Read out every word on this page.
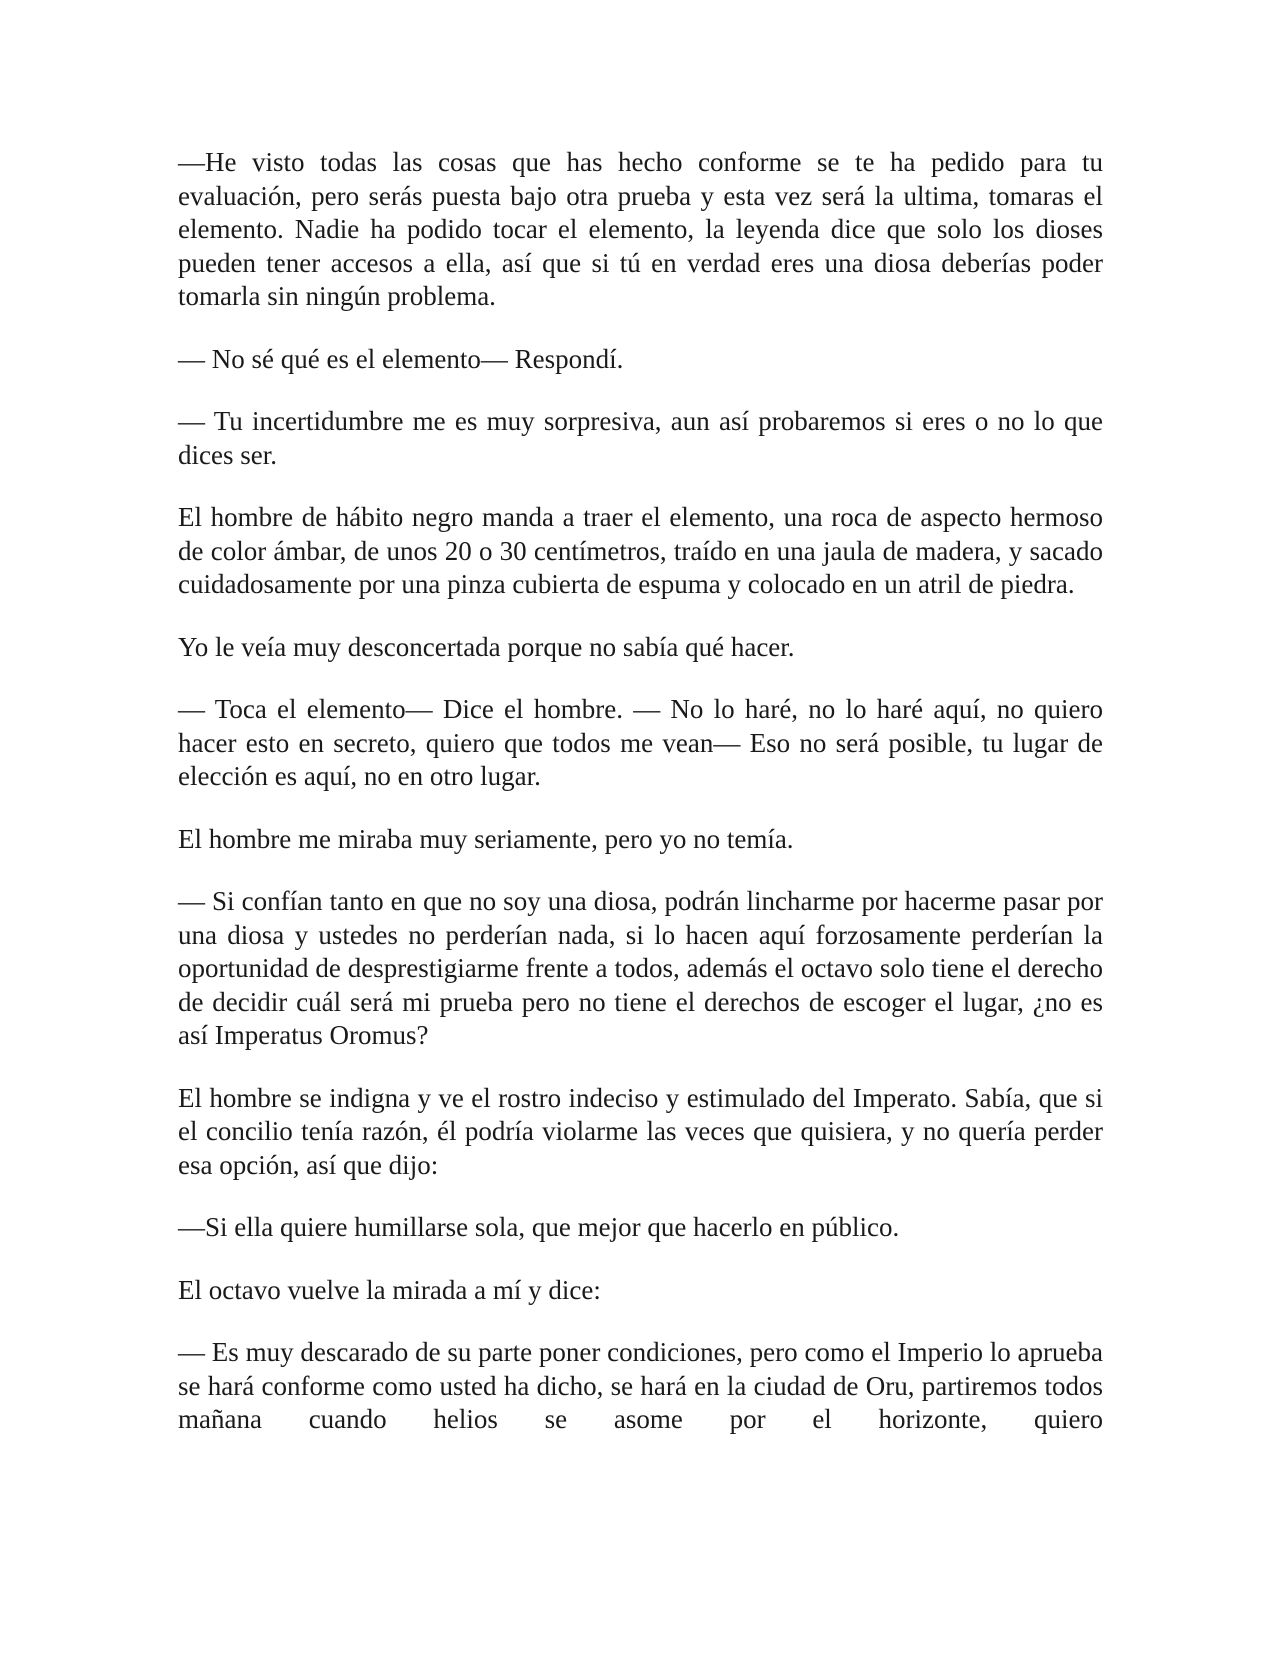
—He visto todas las cosas que has hecho conforme se te ha pedido para tu evaluación, pero serás puesta bajo otra prueba y esta vez será la ultima, tomaras el elemento. Nadie ha podido tocar el elemento, la leyenda dice que solo los dioses pueden tener accesos a ella, así que si tú en verdad eres una diosa deberías poder tomarla sin ningún problema.

— No sé qué es el elemento— Respondí.

— Tu incertidumbre me es muy sorpresiva, aun así probaremos si eres o no lo que dices ser.

El hombre de hábito negro manda a traer el elemento, una roca de aspecto hermoso de color ámbar, de unos 20 o 30 centímetros, traído en una jaula de madera, y sacado cuidadosamente por una pinza cubierta de espuma y colocado en un atril de piedra.

Yo le veía muy desconcertada porque no sabía qué hacer.

— Toca el elemento— Dice el hombre. — No lo haré, no lo haré aquí, no quiero hacer esto en secreto, quiero que todos me vean— Eso no será posible, tu lugar de elección es aquí, no en otro lugar.

El hombre me miraba muy seriamente, pero yo no temía.

— Si confían tanto en que no soy una diosa, podrán lincharme por hacerme pasar por una diosa y ustedes no perderían nada, si lo hacen aquí forzosamente perderían la oportunidad de desprestigiarme frente a todos, además el octavo solo tiene el derecho de decidir cuál será mi prueba pero no tiene el derechos de escoger el lugar, ¿no es así Imperatus Oromus?

El hombre se indigna y ve el rostro indeciso y estimulado del Imperato. Sabía, que si el concilio tenía razón, él podría violarme las veces que quisiera, y no quería perder esa opción, así que dijo:

—Si ella quiere humillarse sola, que mejor que hacerlo en público.

El octavo vuelve la mirada a mí y dice:

— Es muy descarado de su parte poner condiciones, pero como el Imperio lo aprueba se hará conforme como usted ha dicho, se hará en la ciudad de Oru, partiremos todos mañana cuando helios se asome por el horizonte, quiero
